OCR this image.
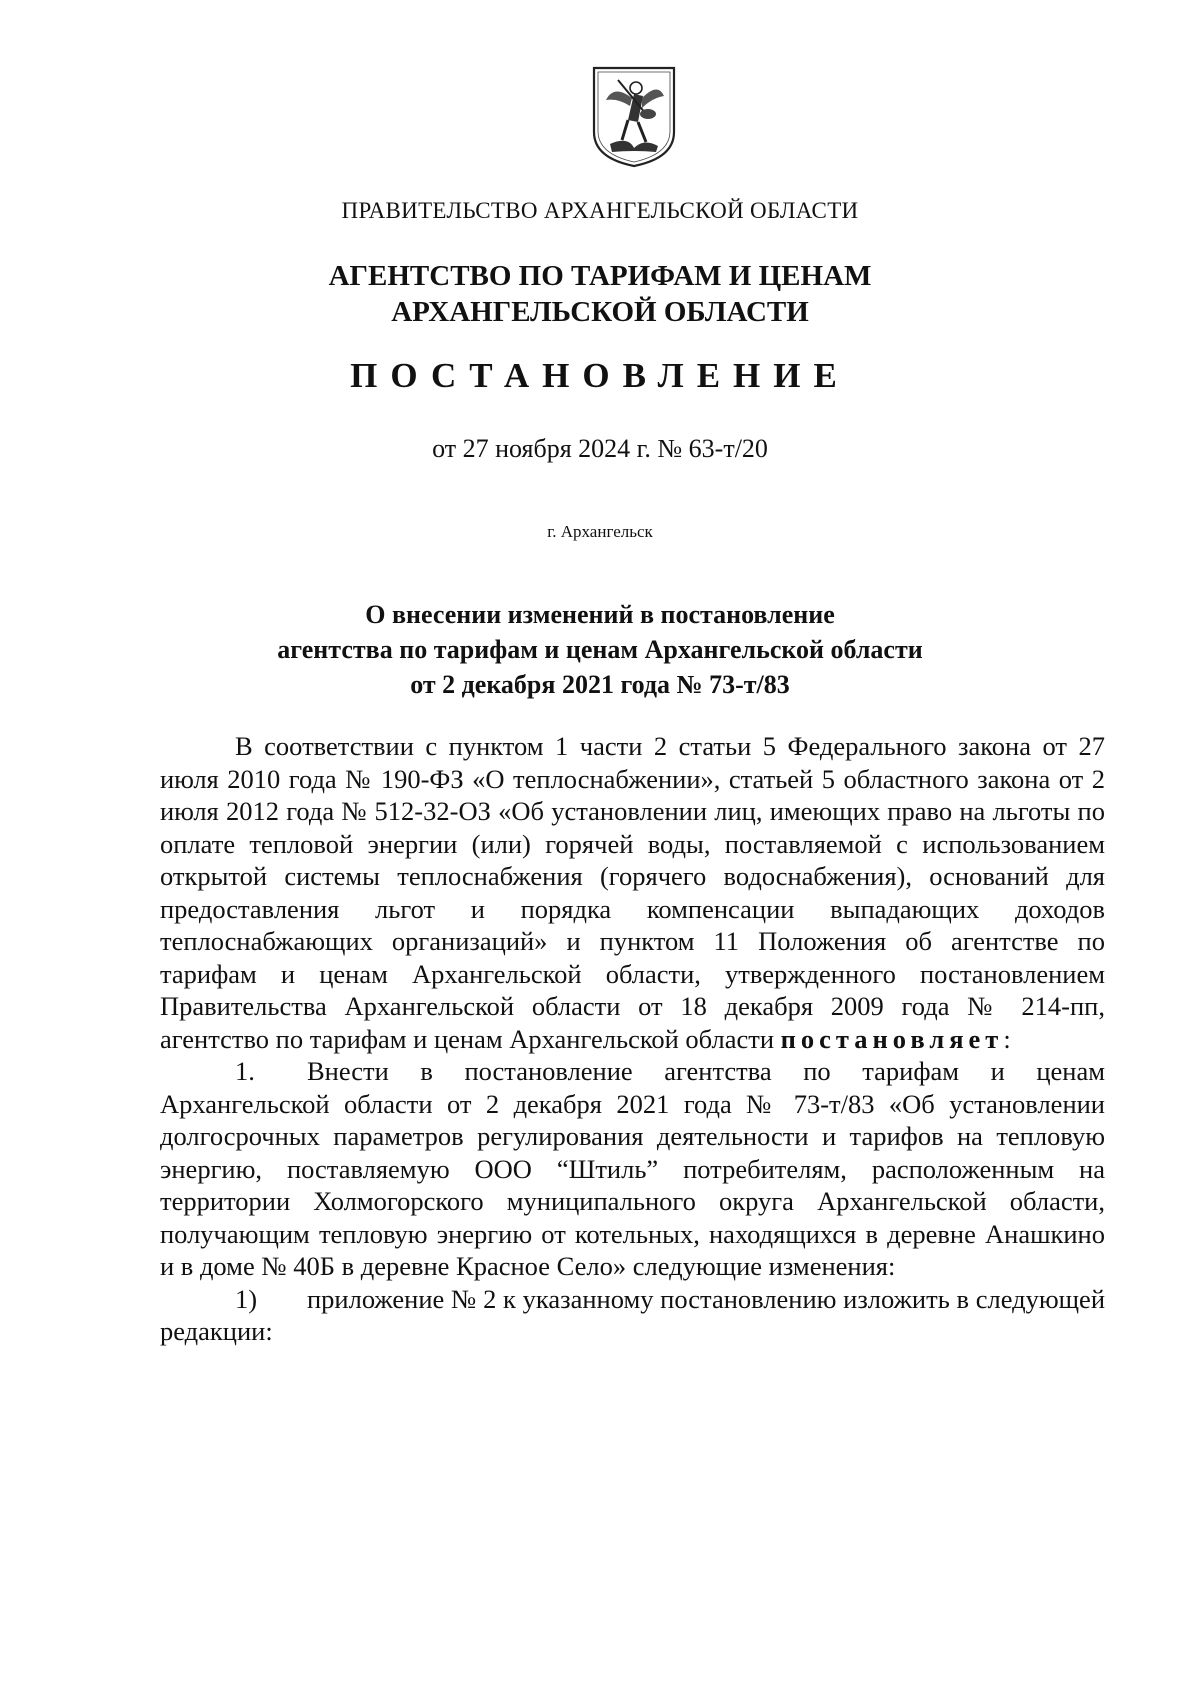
ПРАВИТЕЛЬСТВО АРХАНГЕЛЬСКОЙ ОБЛАСТИ
АГЕНТСТВО ПО ТАРИФАМ И ЦЕНАМ
АРХАНГЕЛЬСКОЙ ОБЛАСТИ
ПОСТАНОВЛЕНИЕ
от 27 ноября 2024 г. № 63-т/20
г. Архангельск
О внесении изменений в постановление
агентства по тарифам и ценам Архангельской области
от 2 декабря 2021 года № 73-т/83

В соответствии с пунктом 1 части 2 статьи 5 Федерального закона от 27 июля 2010 года № 190-ФЗ «О теплоснабжении», статьей 5 областного закона от 2 июля 2012 года № 512-32-ОЗ «Об установлении лиц, имеющих право на льготы по оплате тепловой энергии (или) горячей воды, поставляемой с использованием открытой системы теплоснабжения (горячего водоснабжения), оснований для предоставления льгот и порядка компенсации выпадающих доходов теплоснабжающих организаций» и пунктом 11 Положения об агентстве по тарифам и ценам Архангельской области, утвержденного постановлением Правительства Архангельской области от 18 декабря 2009 года № 214-пп, агентство по тарифам и ценам Архангельской области постановляет:

1. Внести в постановление агентства по тарифам и ценам Архангельской области от 2 декабря 2021 года № 73-т/83 «Об установлении долгосрочных параметров регулирования деятельности и тарифов на тепловую энергию, поставляемую ООО “Штиль” потребителям, расположенным на территории Холмогорского муниципального округа Архангельской области, получающим тепловую энергию от котельных, находящихся в деревне Анашкино и в доме № 40Б в деревне Красное Село» следующие изменения:

1) приложение № 2 к указанному постановлению изложить в следующей редакции:
